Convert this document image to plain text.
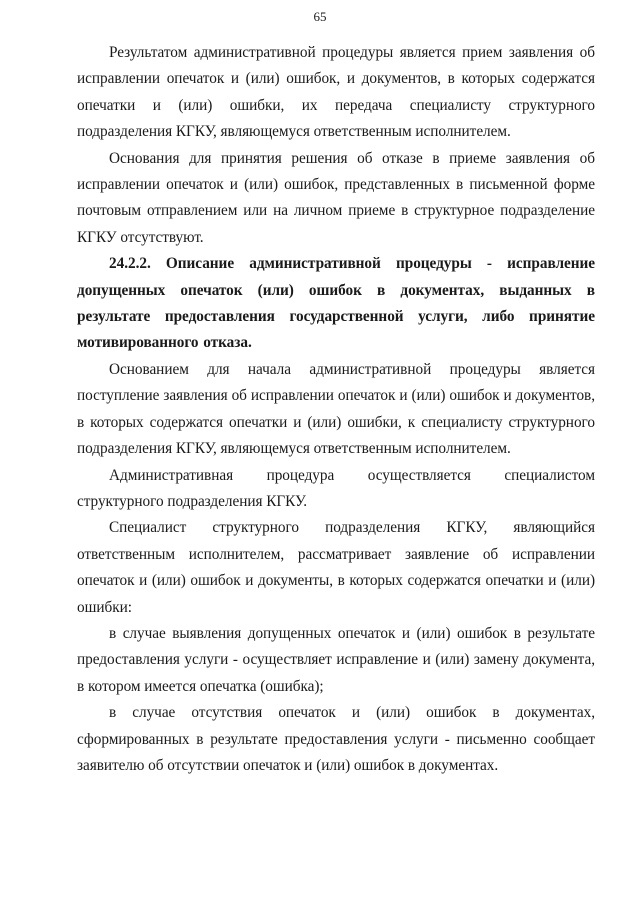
65

Результатом административной процедуры является прием заявления об исправлении опечаток и (или) ошибок, и документов, в которых содержатся опечатки и (или) ошибки, их передача специалисту структурного подразделения КГКУ, являющемуся ответственным исполнителем.

Основания для принятия решения об отказе в приеме заявления об исправлении опечаток и (или) ошибок, представленных в письменной форме почтовым отправлением или на личном приеме в структурное подразделение КГКУ отсутствуют.

24.2.2. Описание административной процедуры - исправление допущенных опечаток (или) ошибок в документах, выданных в результате предоставления государственной услуги, либо принятие мотивированного отказа.

Основанием для начала административной процедуры является поступление заявления об исправлении опечаток и (или) ошибок и документов, в которых содержатся опечатки и (или) ошибки, к специалисту структурного подразделения КГКУ, являющемуся ответственным исполнителем.

Административная процедура осуществляется специалистом структурного подразделения КГКУ.

Специалист структурного подразделения КГКУ, являющийся ответственным исполнителем, рассматривает заявление об исправлении опечаток и (или) ошибок и документы, в которых содержатся опечатки и (или) ошибки:

в случае выявления допущенных опечаток и (или) ошибок в результате предоставления услуги - осуществляет исправление и (или) замену документа, в котором имеется опечатка (ошибка);

в случае отсутствия опечаток и (или) ошибок в документах, сформированных в результате предоставления услуги - письменно сообщает заявителю об отсутствии опечаток и (или) ошибок в документах.
